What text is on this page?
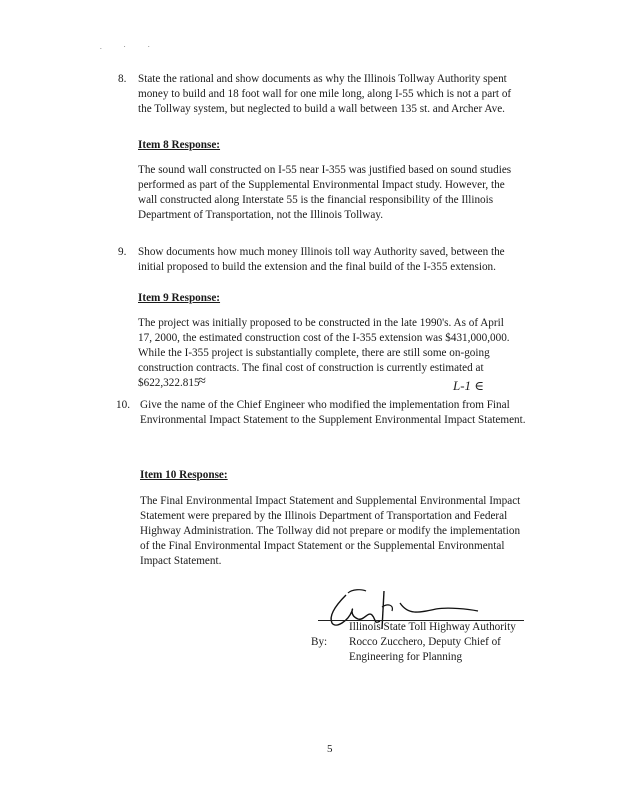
. · ·
8. State the rational and show documents as why the Illinois Tollway Authority spent
money to build and 18 foot wall for one mile long, along I-55 which is not a part of
the Tollway system, but neglected to build a wall between 135 st. and Archer Ave.
Item 8 Response:
The sound wall constructed on I-55 near I-355 was justified based on sound studies
performed as part of the Supplemental Environmental Impact study. However, the
wall constructed along Interstate 55 is the financial responsibility of the Illinois
Department of Transportation, not the Illinois Tollway.
9. Show documents how much money Illinois toll way Authority saved, between the
initial proposed to build the extension and the final build of the I-355 extension.
Item 9 Response:
The project was initially proposed to be constructed in the late 1990's. As of April
17, 2000, the estimated construction cost of the I-355 extension was $431,000,000.
While the I-355 project is substantially complete, there are still some on-going
construction contracts. The final cost of construction is currently estimated at
$622,322.815
≈	L-1 ∈
10. Give the name of the Chief Engineer who modified the implementation from Final
Environmental Impact Statement to the Supplement Environmental Impact Statement.
Item 10 Response:
The Final Environmental Impact Statement and Supplemental Environmental Impact
Statement were prepared by the Illinois Department of Transportation and Federal
Highway Administration. The Tollway did not prepare or modify the implementation
of the Final Environmental Impact Statement or the Supplemental Environmental
Impact Statement.
Illinois State Toll Highway Authority
By: Rocco Zucchero, Deputy Chief of
Engineering for Planning
5
